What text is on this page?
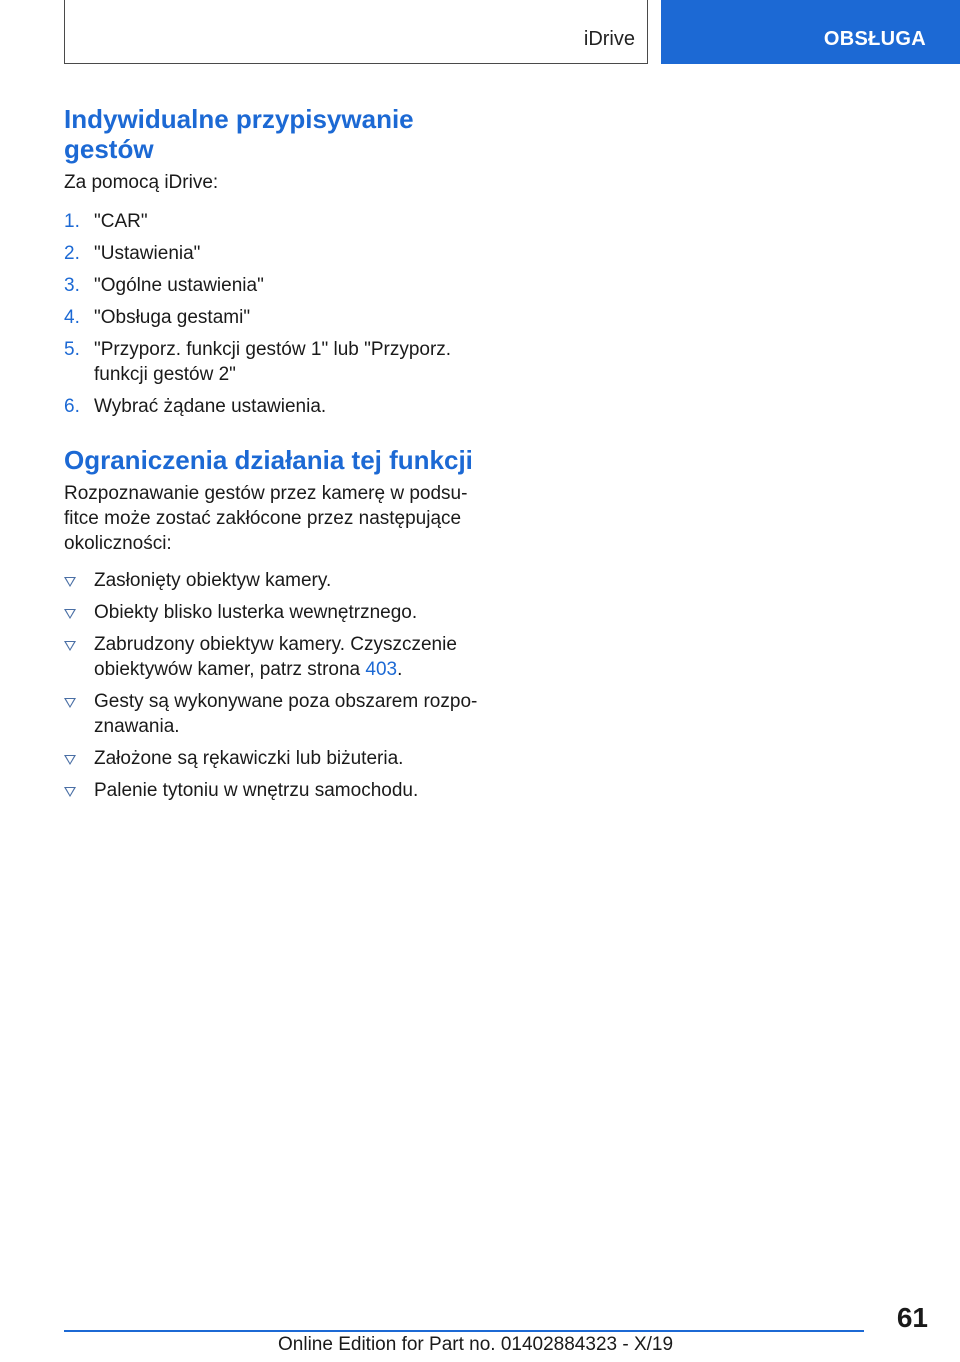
iDrive	OBSŁUGA
Indywidualne przypisywanie gestów

Za pomocą iDrive:

1. "CAR"
2. "Ustawienia"
3. "Ogólne ustawienia"
4. "Obsługa gestami"
5. "Przyporz. funkcji gestów 1" lub "Przyporz. funkcji gestów 2"
6. Wybrać żądane ustawienia.
Ograniczenia działania tej funkcji

Rozpoznawanie gestów przez kamerę w podsufitce może zostać zakłócone przez następujące okoliczności:

Zasłonięty obiektyw kamery.
Obiekty blisko lusterka wewnętrznego.
Zabrudzony obiektyw kamery. Czyszczenie obiektywów kamer, patrz strona 403.
Gesty są wykonywane poza obszarem rozpoznawania.
Założone są rękawiczki lub biżuteria.
Palenie tytoniu w wnętrzu samochodu.
61
Online Edition for Part no. 01402884323 - X/19
